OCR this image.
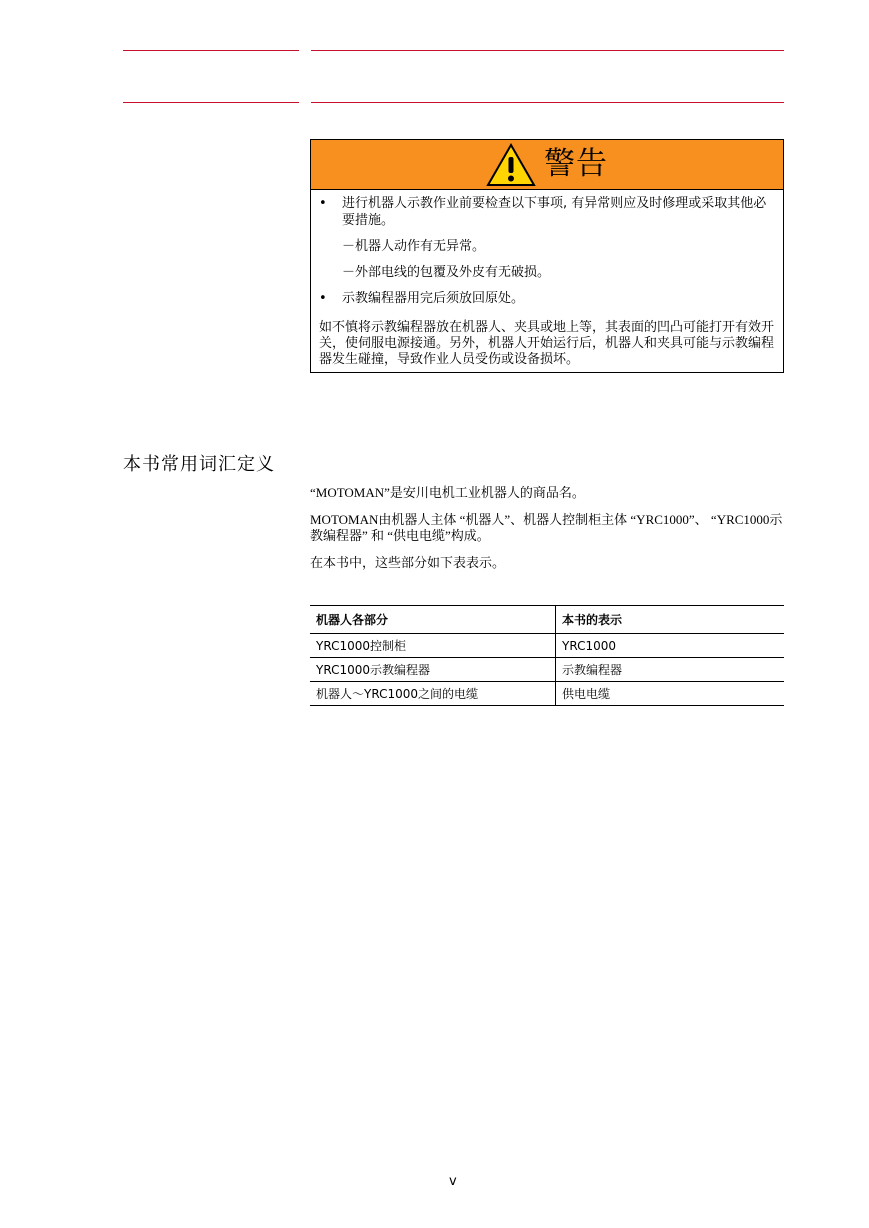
警告
• 进行机器人示教作业前要检查以下事项, 有异常则应及时修理或采取其他必要措施。
－机器人动作有无异常。
－外部电线的包覆及外皮有无破损。
• 示教编程器用完后须放回原处。
如不慎将示教编程器放在机器人、夹具或地上等，其表面的凹凸可能打开有效开关，使伺服电源接通。另外，机器人开始运行后，机器人和夹具可能与示教编程器发生碰撞，导致作业人员受伤或设备损坏。
本书常用词汇定义
“MOTOMAN”是安川电机工业机器人的商品名。
MOTOMAN由机器人主体 “机器人”、机器人控制柜主体 “YRC1000”、 “YRC1000示教编程器” 和 “供电电缆”构成。
在本书中，这些部分如下表表示。
机器人各部分	本书的表示
YRC1000控制柜	YRC1000
YRC1000示教编程器	示教编程器
机器人～YRC1000之间的电缆	供电电缆
v
